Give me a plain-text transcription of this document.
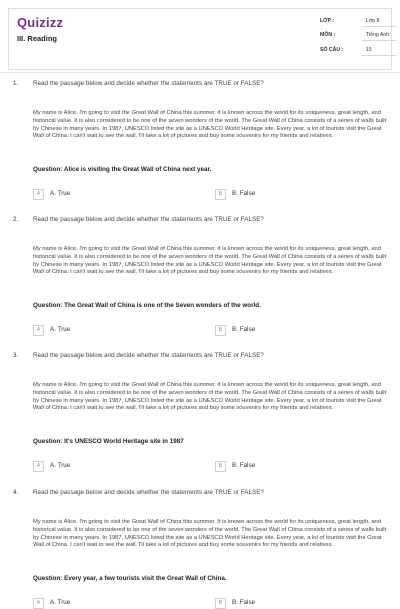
Quizizz
III. Reading
LỚP :	Lớp 8
MÔN :	Tiếng Anh
SỐ CÂU :	15
1. Read the passage below and decide whether the statements are TRUE or FALSE?
My name is Alice. I'm going to visit the Great Wall of China this summer. It is known across the world for its uniqueness, great length, and historical value. It is also considered to be one of the seven wonders of the world. The Great Wall of China consists of a series of walls built by Chinese in many years. In 1987, UNESCO listed the site as a UNESCO World Heritage site. Every year, a lot of tourists visit the Great Wall of China. I can't wait to see the wall. I'll take a lot of pictures and buy some souvenirs for my friends and relatives.
Question: Alice is visiting the Great Wall of China next year.
A	A. True	B	B. False
2. Read the passage below and decide whether the statements are TRUE or FALSE?
My name is Alice. I'm going to visit the Great Wall of China this summer. It is known across the world for its uniqueness, great length, and historical value. It is also considered to be one of the seven wonders of the world. The Great Wall of China consists of a series of walls built by Chinese in many years. In 1987, UNESCO listed the site as a UNESCO World Heritage site. Every year, a lot of tourists visit the Great Wall of China. I can't wait to see the wall. I'll take a lot of pictures and buy some souvenirs for my friends and relatives.
Question: The Great Wall of China is one of the Seven wonders of the world.
A	A. True	B	B. False
3. Read the passage below and decide whether the statements are TRUE or FALSE?
My name is Alice. I'm going to visit the Great Wall of China this summer. It is known across the world for its uniqueness, great length, and historical value. It is also considered to be one of the seven wonders of the world. The Great Wall of China consists of a series of walls built by Chinese in many years. In 1987, UNESCO listed the site as a UNESCO World Heritage site. Every year, a lot of tourists visit the Great Wall of China. I can't wait to see the wall. I'll take a lot of pictures and buy some souvenirs for my friends and relatives.
Question: It's UNESCO World Heritage site in 1987
A	A. True	B	B. False
4. Read the passage below and decide whether the statements are TRUE or FALSE?
My name is Alice. I'm going to visit the Great Wall of China this summer. It is known across the world for its uniqueness, great length, and historical value. It is also considered to be one of the seven wonders of the world. The Great Wall of China consists of a series of walls built by Chinese in many years. In 1987, UNESCO listed the site as a UNESCO World Heritage site. Every year, a lot of tourists visit the Great Wall of China. I can't wait to see the wall. I'll take a lot of pictures and buy some souvenirs for my friends and relatives.
Question: Every year, a few tourists visit the Great Wall of China.
A	A. True	B	B. False
